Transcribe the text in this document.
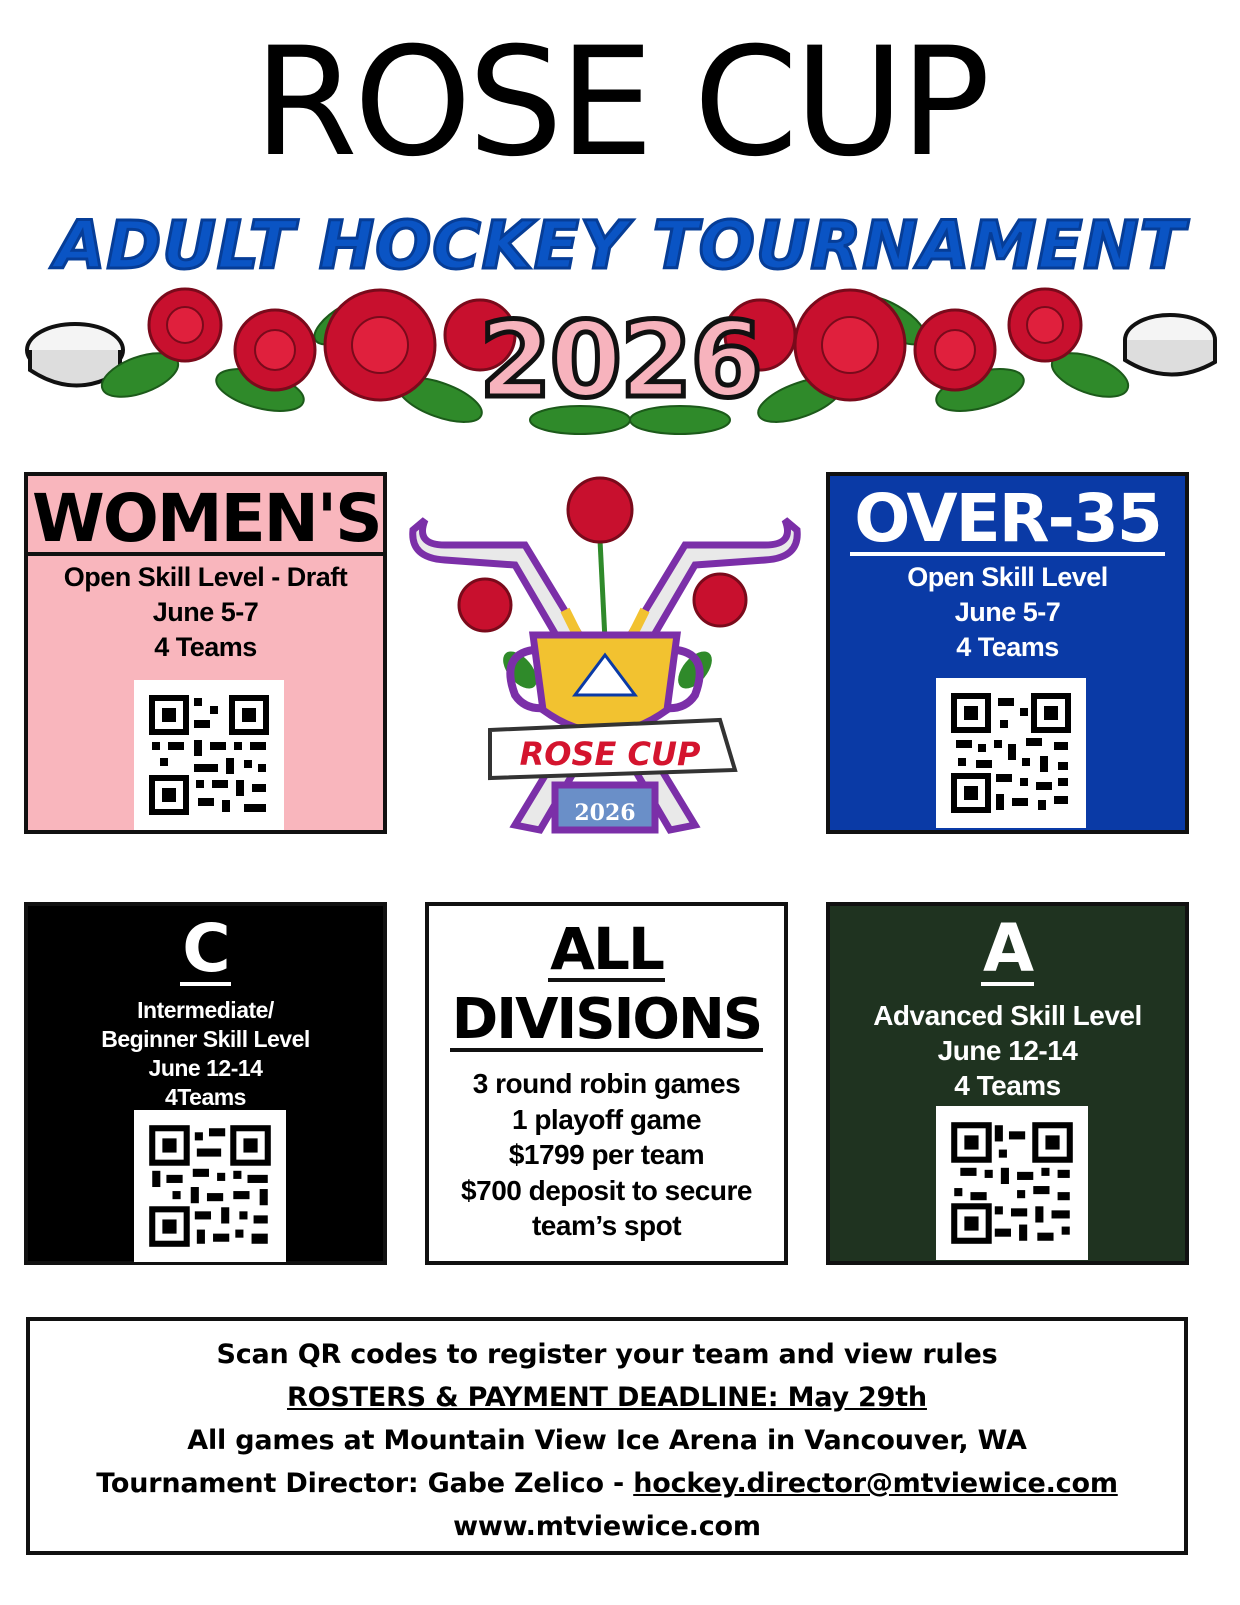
ROSE CUP
ADULT HOCKEY TOURNAMENT
2026
WOMEN'S
Open Skill Level - Draft
June 5-7
4 Teams
ROSE CUP
2026
OVER-35
Open Skill Level
June 5-7
4 Teams
C
Intermediate/
Beginner Skill Level
June 12-14
4Teams
ALL
DIVISIONS
3 round robin games
1 playoff game
$1799 per team
$700 deposit to secure
team’s spot
A
Advanced Skill Level
June 12-14
4 Teams
Scan QR codes to register your team and view rules
ROSTERS & PAYMENT DEADLINE: May 29th
All games at Mountain View Ice Arena in Vancouver, WA
Tournament Director: Gabe Zelico - hockey.director@mtviewice.com
www.mtviewice.com
